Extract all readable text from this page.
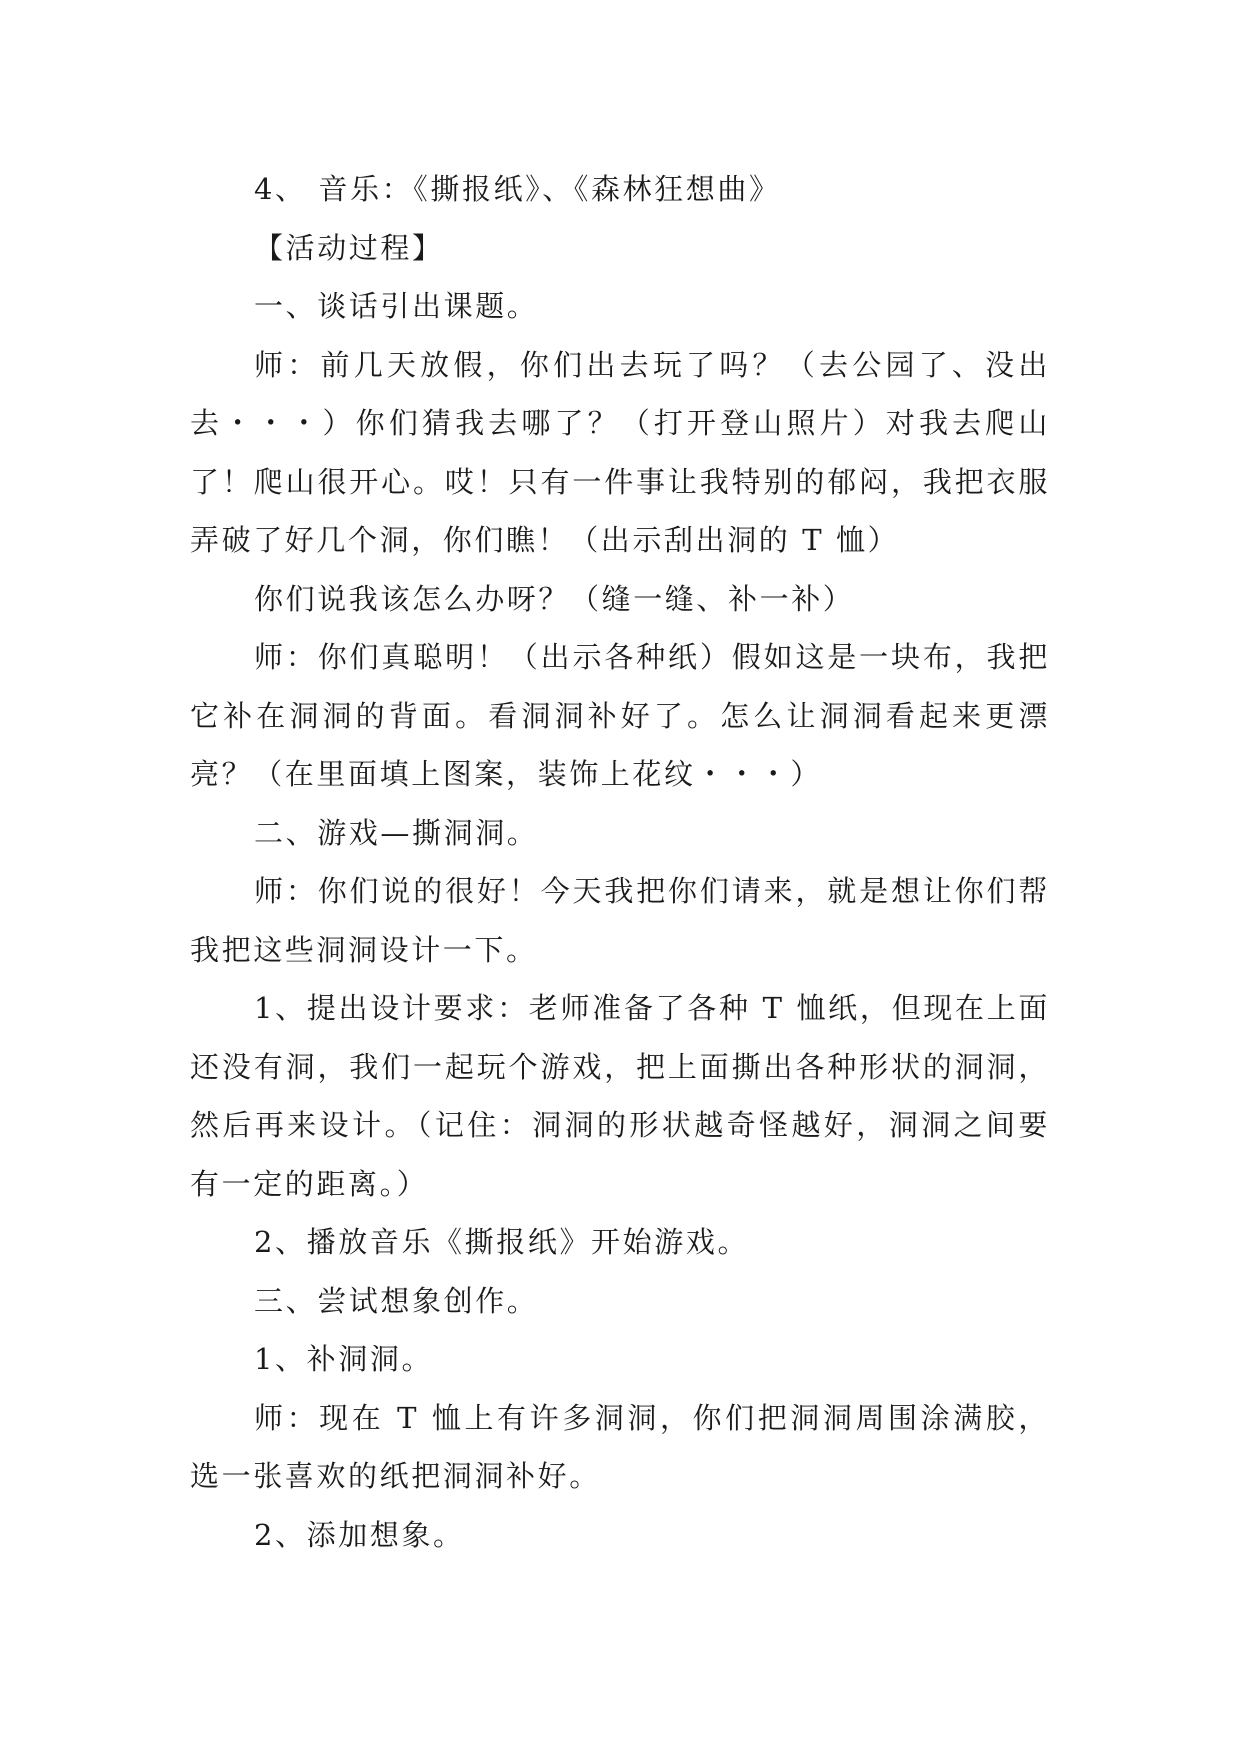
4、 音乐：《撕报纸》、《森林狂想曲》

【活动过程】

一、谈话引出课题。

师：前几天放假，你们出去玩了吗？（去公园了、没出去・・・）你们猜我去哪了？（打开登山照片）对我去爬山了！爬山很开心。哎！只有一件事让我特别的郁闷，我把衣服弄破了好几个洞，你们瞧！（出示刮出洞的 T 恤）

你们说我该怎么办呀？（缝一缝、补一补）

师：你们真聪明！（出示各种纸）假如这是一块布，我把它补在洞洞的背面。看洞洞补好了。怎么让洞洞看起来更漂亮？（在里面填上图案，装饰上花纹・・・）

二、游戏—撕洞洞。

师：你们说的很好！今天我把你们请来，就是想让你们帮我把这些洞洞设计一下。

1、提出设计要求：老师准备了各种 T 恤纸，但现在上面还没有洞，我们一起玩个游戏，把上面撕出各种形状的洞洞，然后再来设计。（记住：洞洞的形状越奇怪越好，洞洞之间要有一定的距离。）

2、播放音乐《撕报纸》开始游戏。

三、尝试想象创作。

1、补洞洞。

师：现在 T 恤上有许多洞洞，你们把洞洞周围涂满胶，选一张喜欢的纸把洞洞补好。

2、添加想象。
